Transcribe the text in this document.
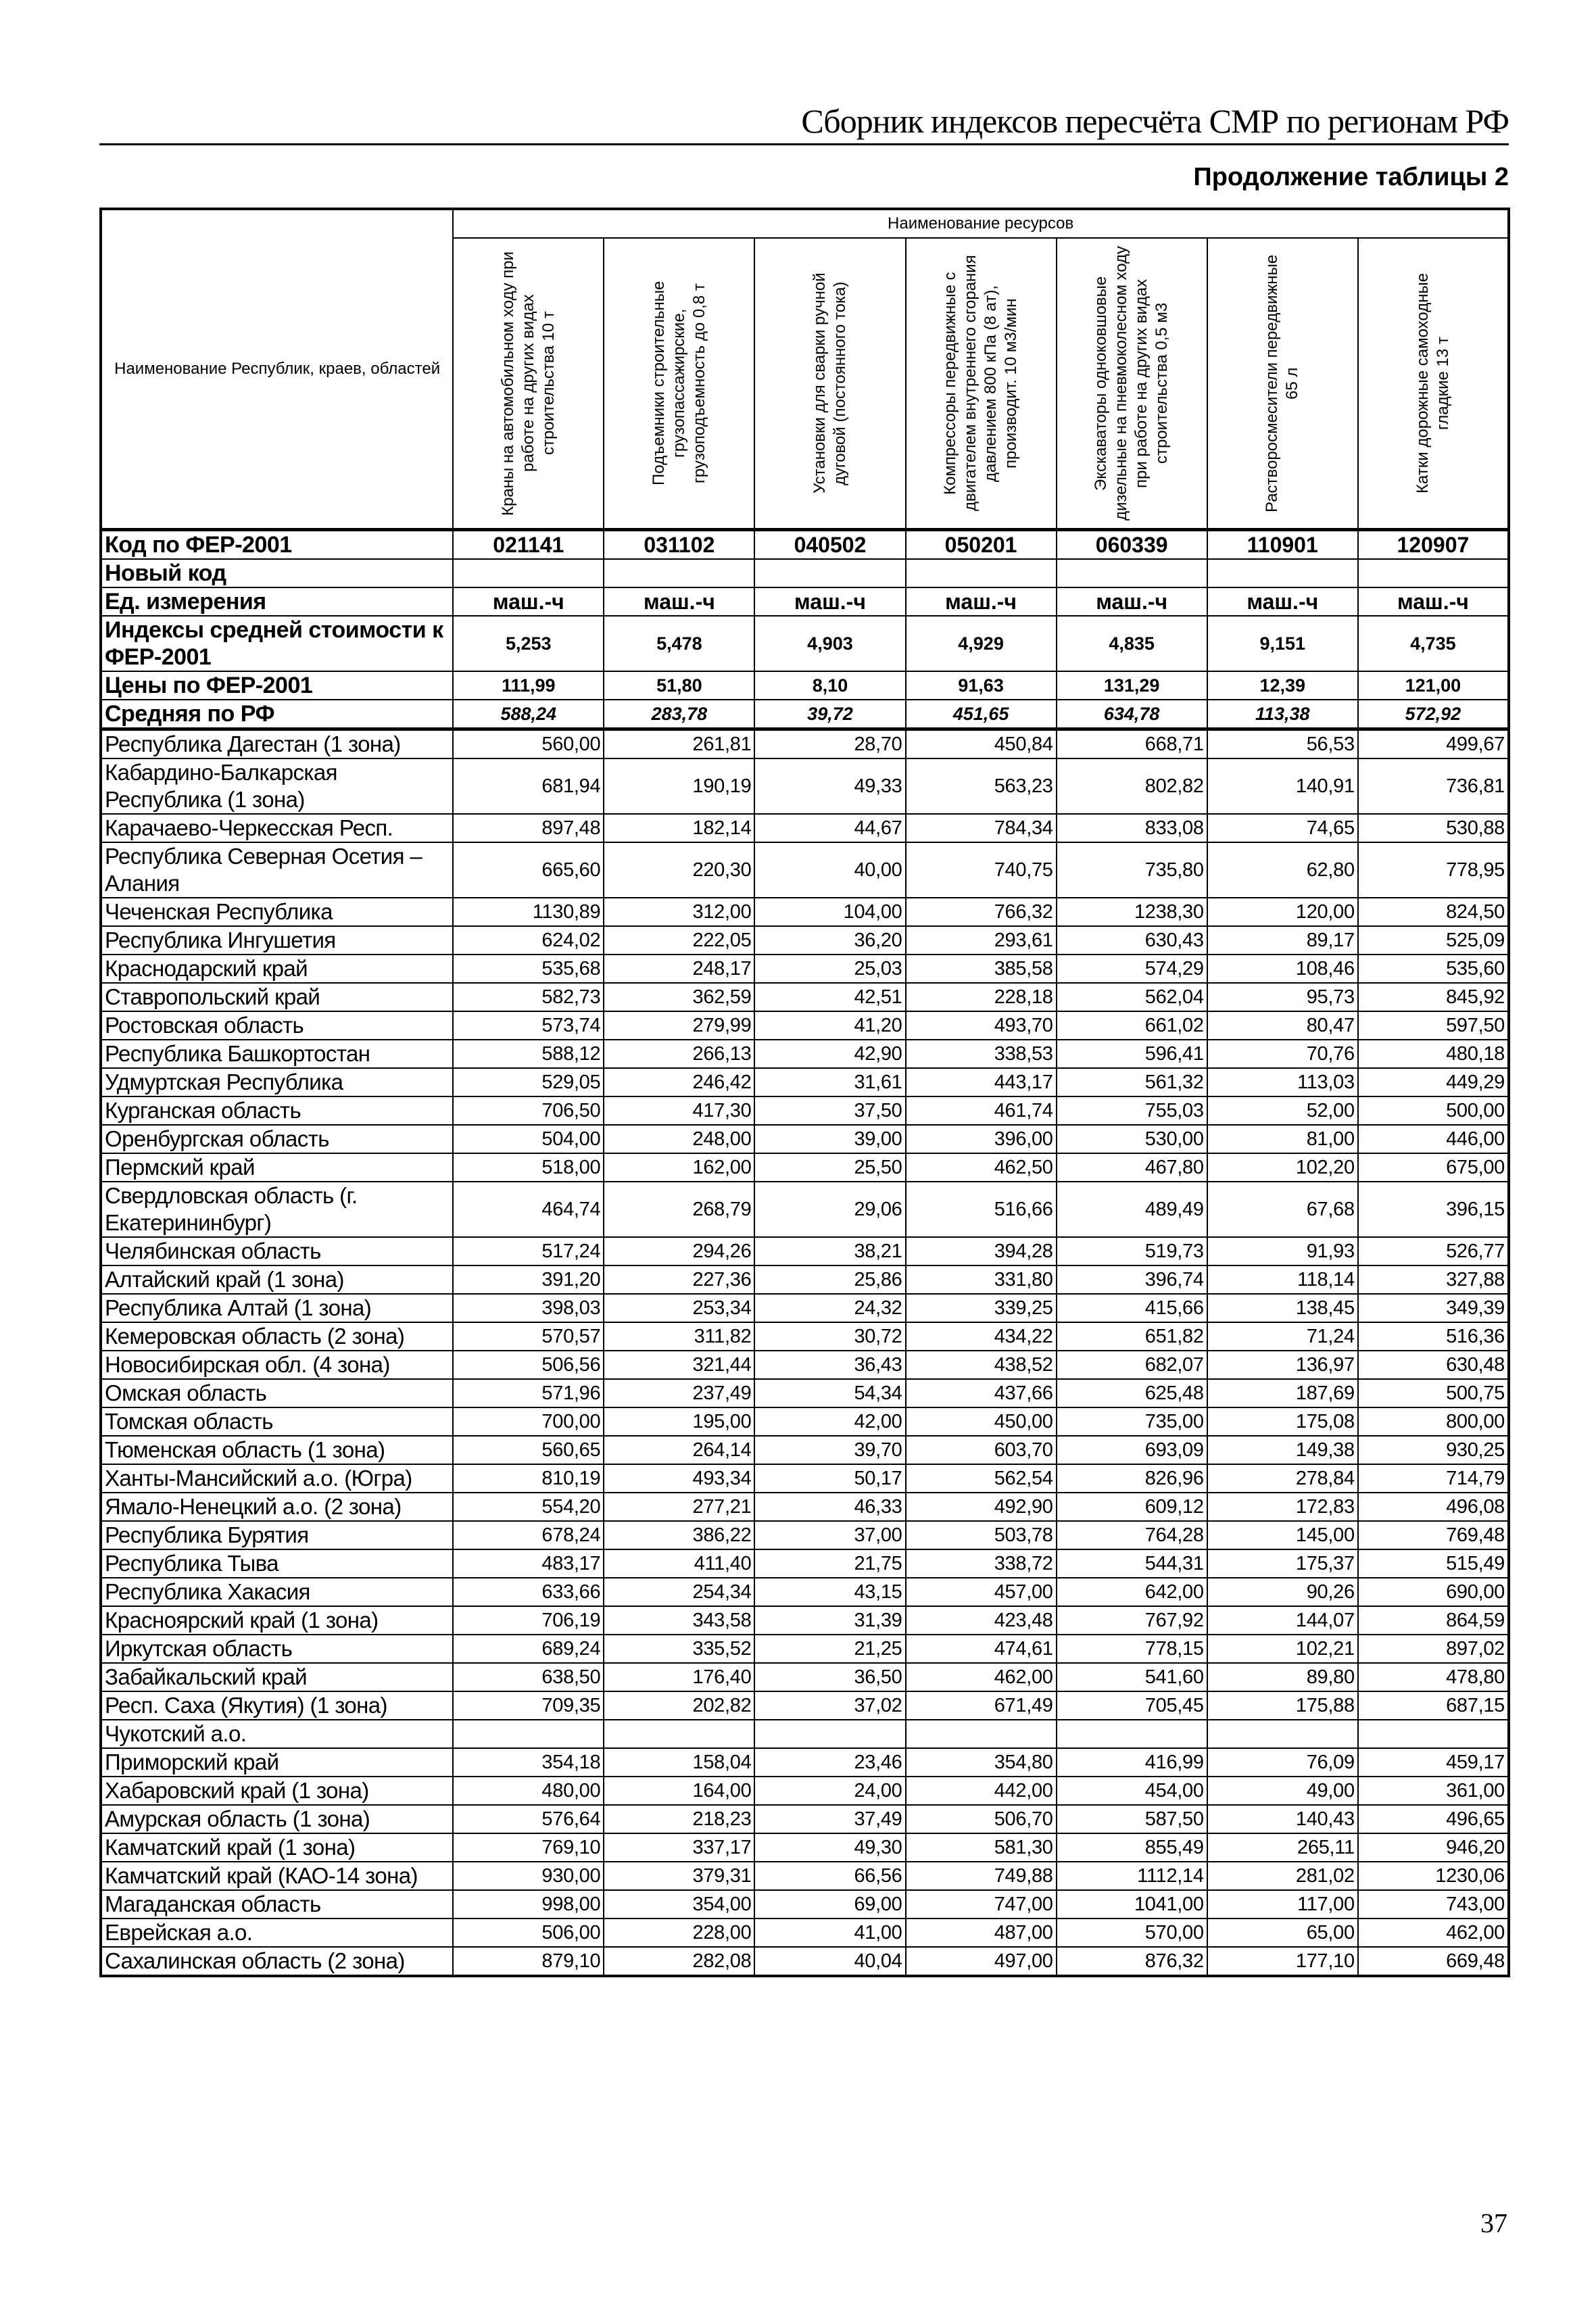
Сборник индексов пересчёта СМР по регионам РФ
Продолжение таблицы 2
Наименование Республик, краев, областей	Наименование ресурсов						

Краны на автомобильном ходу при работе на других видах строительства 10 т	Подъемники строительные грузопассажирские, грузоподъемность до 0,8 т	Установки для сварки ручной дуговой (постоянного тока)	Компрессоры передвижные с двигателем внутреннего сгорания давлением 800 кПа (8 ат), производит. 10 м3/мин	Экскаваторы одноковшовые дизельные на пневмоколесном ходу при работе на других видах строительства 0,5 м3	Растворосмесители передвижные 65 л	Катки дорожные самоходные гладкие 13 т

Код по ФЕР-2001	021141	031102	040502	050201	060339	110901	120907
Новый код							
Ед. измерения	маш.-ч	маш.-ч	маш.-ч	маш.-ч	маш.-ч	маш.-ч	маш.-ч
Индексы средней стоимости к ФЕР-2001	5,253	5,478	4,903	4,929	4,835	9,151	4,735
Цены по ФЕР-2001	111,99	51,80	8,10	91,63	131,29	12,39	121,00
Средняя по РФ	588,24	283,78	39,72	451,65	634,78	113,38	572,92
Республика Дагестан (1 зона)	560,00	261,81	28,70	450,84	668,71	56,53	499,67
Кабардино-Балкарская Республика (1 зона)	681,94	190,19	49,33	563,23	802,82	140,91	736,81
Карачаево-Черкесская Респ.	897,48	182,14	44,67	784,34	833,08	74,65	530,88
Республика Северная Осетия – Алания	665,60	220,30	40,00	740,75	735,80	62,80	778,95
Чеченская Республика	1130,89	312,00	104,00	766,32	1238,30	120,00	824,50
Республика Ингушетия	624,02	222,05	36,20	293,61	630,43	89,17	525,09
Краснодарский край	535,68	248,17	25,03	385,58	574,29	108,46	535,60
Ставропольский край	582,73	362,59	42,51	228,18	562,04	95,73	845,92
Ростовская область	573,74	279,99	41,20	493,70	661,02	80,47	597,50
Республика Башкортостан	588,12	266,13	42,90	338,53	596,41	70,76	480,18
Удмуртская Республика	529,05	246,42	31,61	443,17	561,32	113,03	449,29
Курганская область	706,50	417,30	37,50	461,74	755,03	52,00	500,00
Оренбургская область	504,00	248,00	39,00	396,00	530,00	81,00	446,00
Пермский край	518,00	162,00	25,50	462,50	467,80	102,20	675,00
Свердловская область (г. Екатерининбург)	464,74	268,79	29,06	516,66	489,49	67,68	396,15
Челябинская область	517,24	294,26	38,21	394,28	519,73	91,93	526,77
Алтайский край (1 зона)	391,20	227,36	25,86	331,80	396,74	118,14	327,88
Республика Алтай (1 зона)	398,03	253,34	24,32	339,25	415,66	138,45	349,39
Кемеровская область (2 зона)	570,57	311,82	30,72	434,22	651,82	71,24	516,36
Новосибирская обл. (4 зона)	506,56	321,44	36,43	438,52	682,07	136,97	630,48
Омская область	571,96	237,49	54,34	437,66	625,48	187,69	500,75
Томская область	700,00	195,00	42,00	450,00	735,00	175,08	800,00
Тюменская область (1 зона)	560,65	264,14	39,70	603,70	693,09	149,38	930,25
Ханты-Мансийский а.о. (Югра)	810,19	493,34	50,17	562,54	826,96	278,84	714,79
Ямало-Ненецкий а.о. (2 зона)	554,20	277,21	46,33	492,90	609,12	172,83	496,08
Республика Бурятия	678,24	386,22	37,00	503,78	764,28	145,00	769,48
Республика Тыва	483,17	411,40	21,75	338,72	544,31	175,37	515,49
Республика Хакасия	633,66	254,34	43,15	457,00	642,00	90,26	690,00
Красноярский край (1 зона)	706,19	343,58	31,39	423,48	767,92	144,07	864,59
Иркутская область	689,24	335,52	21,25	474,61	778,15	102,21	897,02
Забайкальский край	638,50	176,40	36,50	462,00	541,60	89,80	478,80
Респ. Саха (Якутия) (1 зона)	709,35	202,82	37,02	671,49	705,45	175,88	687,15
Чукотский а.о.							
Приморский край	354,18	158,04	23,46	354,80	416,99	76,09	459,17
Хабаровский край (1 зона)	480,00	164,00	24,00	442,00	454,00	49,00	361,00
Амурская область (1 зона)	576,64	218,23	37,49	506,70	587,50	140,43	496,65
Камчатский край (1 зона)	769,10	337,17	49,30	581,30	855,49	265,11	946,20
Камчатский край (КАО-14 зона)	930,00	379,31	66,56	749,88	1112,14	281,02	1230,06
Магаданская область	998,00	354,00	69,00	747,00	1041,00	117,00	743,00
Еврейская а.о.	506,00	228,00	41,00	487,00	570,00	65,00	462,00
Сахалинская область (2 зона)	879,10	282,08	40,04	497,00	876,32	177,10	669,48
37
